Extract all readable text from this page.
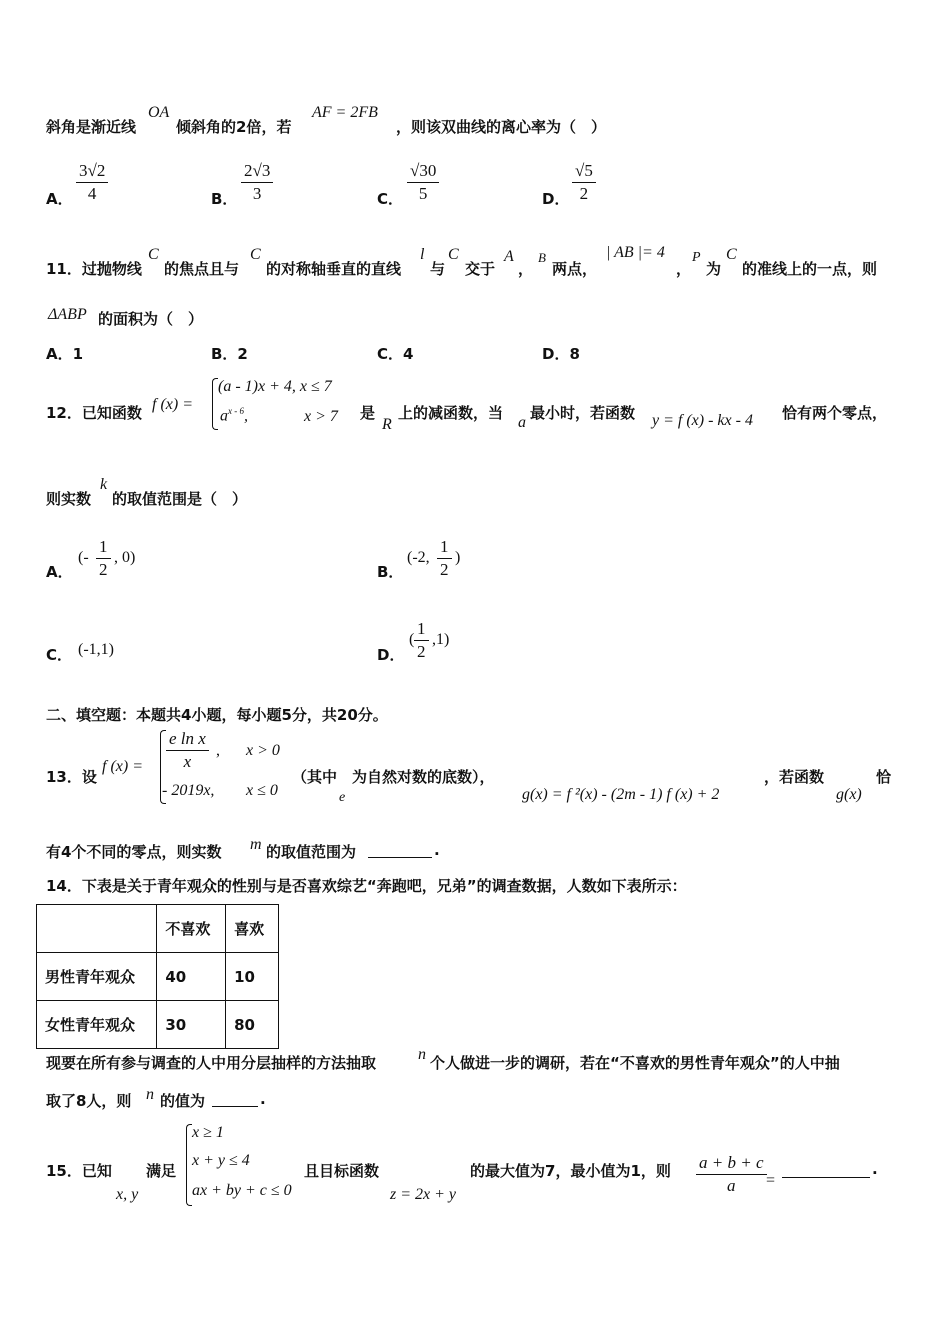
斜角是渐近线
OA
倾斜角的2倍，若
AF = 2FB
，则该双曲线的离心率为（　）
A． $\frac{3√2}{4}$	B． $\frac{2√3}{3}$	C． $\frac{√30}{5}$	D． $\frac{√5}{2}$
11．过抛物线
C
的焦点且与
C
的对称轴垂直的直线
l
与
C
交于
A
，
B
两点，
| AB |= 4
，
P
为
C
的准线上的一点，则
ΔABP 的面积为（　）
A．1	B．2	C．4	D．8
12．已知函数 f (x) =
(a - 1)x + 4, x ≤ 7
$a^{x - 6}$,	x > 7 是
R
上的减函数，当
a
最小时，若函数 y = f (x) - kx - 4 恰有两个零点，
则实数
k
的取值范围是（　）
A．
(- $\frac{1}{2}$ , 0)
B．
(-2, $\frac{1}{2}$ )
C． (-1,1)	D．
( $\frac{1}{2} ,1$)
二、填空题：本题共4小题，每小题5分，共20分。
13．设
f $(x) = \frac{\text{e ln x}}{x}$ , x > 0
- 2019x, x ≤ 0
（其中　为自然对数的底数），
e	g(x) = f ²(x) - (2m - 1) f (x) + 2
，若函数	恰
g(x)
有4个不同的零点，则实数 m 的取值范围为	.
14．下表是关于青年观众的性别与是否喜欢综艺“奔跑吧，兄弟”的调查数据，人数如下表所示：
	不喜欢	喜欢
男性青年观众	40	10
女性青年观众	30	80
现要在所有参与调查的人中用分层抽样的方法抽取	n 个人做进一步的调研，若在“不喜欢的男性青年观众”的人中抽
取了8人，则 n 的值为	.
15．已知
x, y
满足
x ≥ 1
x + y ≤ 4
ax + by + c ≤ 0
且目标函数
z = 2x + y
的最大值为7，最小值为1，则 $\frac{a + b + c}{a}$ =
.
